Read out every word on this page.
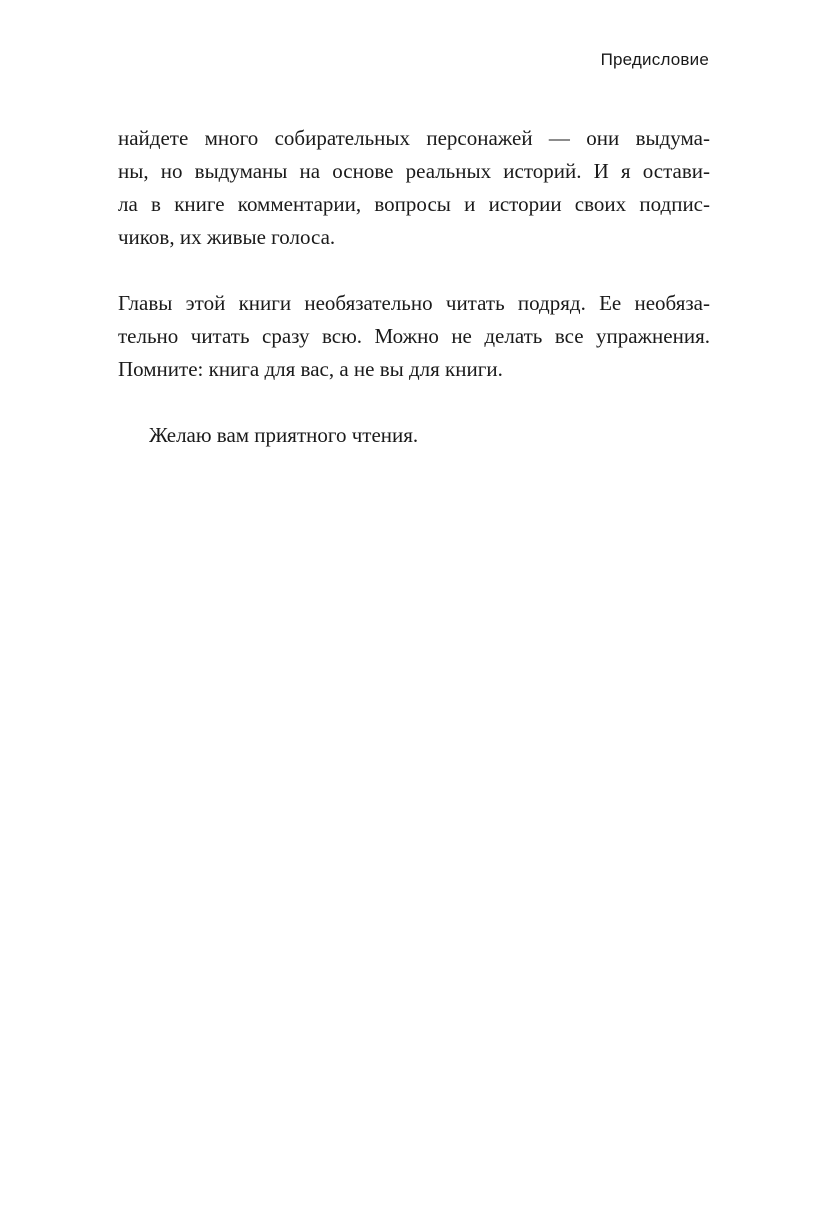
Предисловие

найдете много собирательных персонажей — они выдума-
ны, но выдуманы на основе реальных историй. И я остави-
ла в книге комментарии, вопросы и истории своих подпис-
чиков, их живые голоса.

Главы этой книги необязательно читать подряд. Ее необяза-
тельно читать сразу всю. Можно не делать все упражнения.
Помните: книга для вас, а не вы для книги.

Желаю вам приятного чтения.
